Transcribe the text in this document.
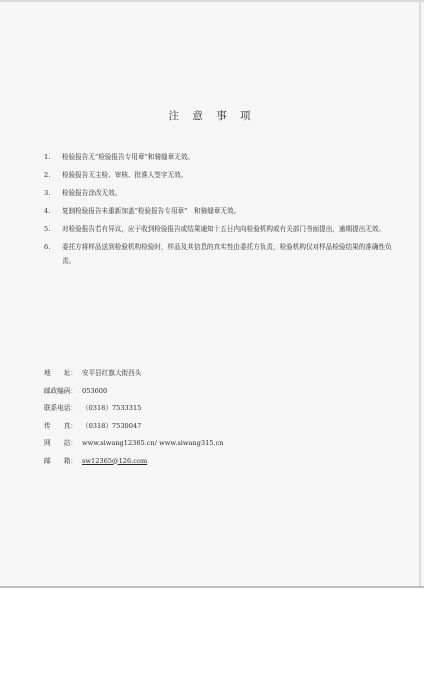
注 意 事 项
1. 检验报告无“检验报告专用章”和骑缝章无效。
2. 检验报告无主检、审核、批准人签字无效。
3. 检验报告涂改无效。
4. 复制检验报告未重新加盖“检验报告专用章”　和骑缝章无效。
5. 对检验报告若有异议，应于收到检验报告或结果通知十五日内向检验机构或有关部门书面提出，逾期提出无效。
6. 委托方将样品送到检验机构检验时，样品及其信息的真实性由委托方负责，检验机构仅对样品检验结果的准确性负责。
地　　址： 安平县红旗大街西头
邮政编码： 053600
联系电话： （0318）7533315
传　　真： （0318）7530047
网　　站： www.siwang12365.cn/ www.siwang315.cn
邮　　箱： sw12365@126.com
